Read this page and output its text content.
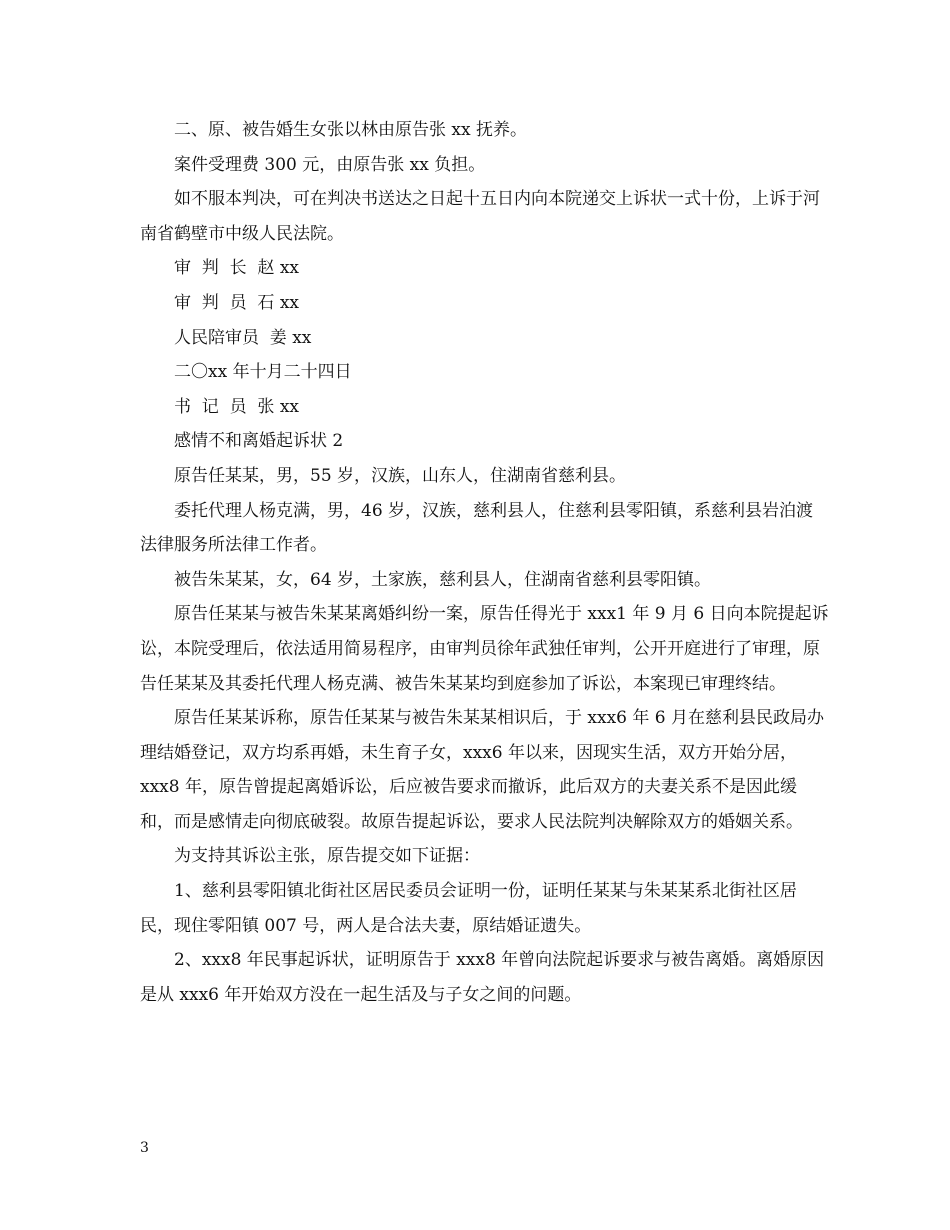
二、原、被告婚生女张以林由原告张 xx 抚养。

案件受理费 300 元，由原告张 xx 负担。

如不服本判决，可在判决书送达之日起十五日内向本院递交上诉状一式十份，上诉于河南省鹤壁市中级人民法院。

审  判  长  赵 xx

审  判  员  石 xx

人民陪审员  姜 xx

二〇xx 年十月二十四日

书  记  员  张 xx

感情不和离婚起诉状 2

原告任某某，男，55 岁，汉族，山东人，住湖南省慈利县。

委托代理人杨克满，男，46 岁，汉族，慈利县人，住慈利县零阳镇，系慈利县岩泊渡法律服务所法律工作者。

被告朱某某，女，64 岁，土家族，慈利县人，住湖南省慈利县零阳镇。

原告任某某与被告朱某某离婚纠纷一案，原告任得光于 xxx1 年 9 月 6 日向本院提起诉讼，本院受理后，依法适用简易程序，由审判员徐年武独任审判，公开开庭进行了审理，原告任某某及其委托代理人杨克满、被告朱某某均到庭参加了诉讼，本案现已审理终结。

原告任某某诉称，原告任某某与被告朱某某相识后，于 xxx6 年 6 月在慈利县民政局办理结婚登记，双方均系再婚，未生育子女，xxx6 年以来，因现实生活，双方开始分居，xxx8 年，原告曾提起离婚诉讼，后应被告要求而撤诉，此后双方的夫妻关系不是因此缓和，而是感情走向彻底破裂。故原告提起诉讼，要求人民法院判决解除双方的婚姻关系。

为支持其诉讼主张，原告提交如下证据：

1、慈利县零阳镇北街社区居民委员会证明一份，证明任某某与朱某某系北街社区居民，现住零阳镇 007 号，两人是合法夫妻，原结婚证遗失。

2、xxx8 年民事起诉状，证明原告于 xxx8 年曾向法院起诉要求与被告离婚。离婚原因是从 xxx6 年开始双方没在一起生活及与子女之间的问题。

3
